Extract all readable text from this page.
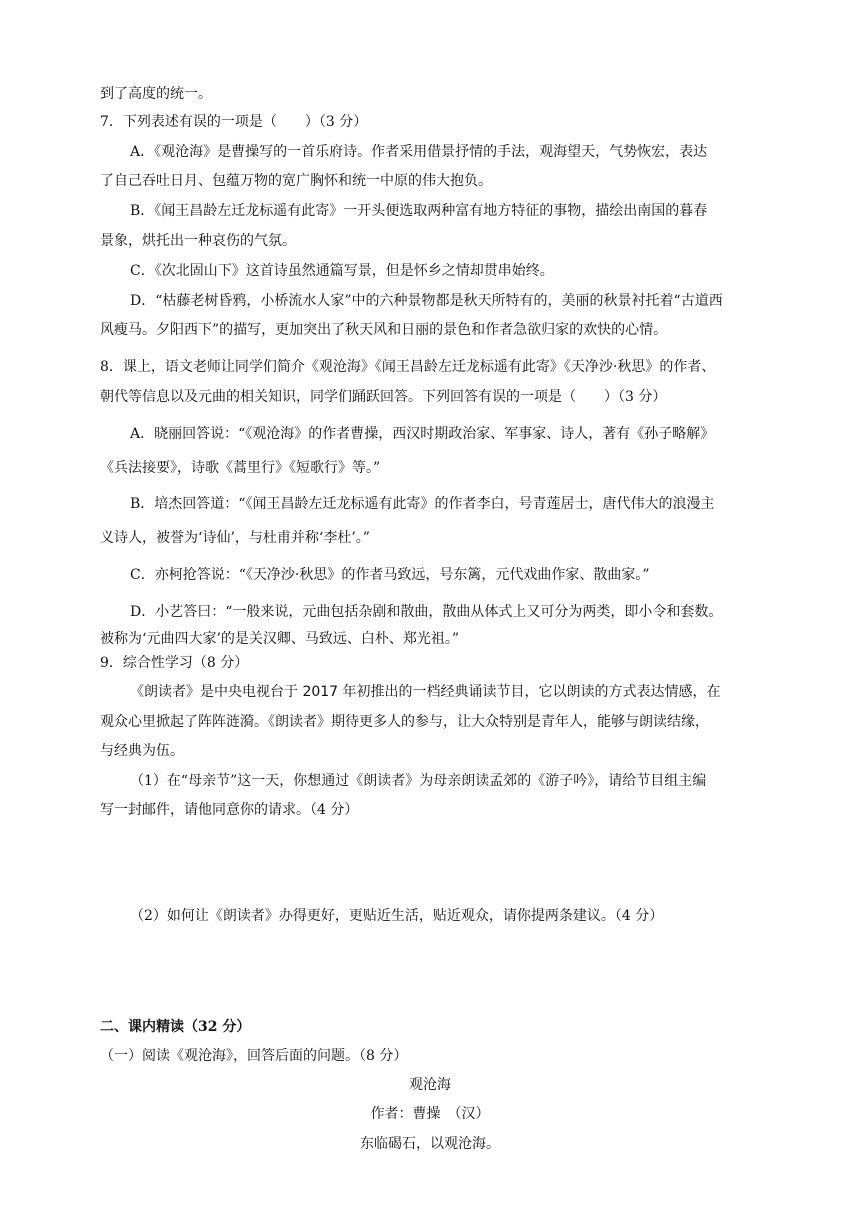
到了高度的统一。
7．下列表述有误的一项是（　　）（3 分）
A．《观沧海》是曹操写的一首乐府诗。作者采用借景抒情的手法，观海望天，气势恢宏，表达
了自己吞吐日月、包蕴万物的宽广胸怀和统一中原的伟大抱负。
B．《闻王昌龄左迁龙标遥有此寄》一开头便选取两种富有地方特征的事物，描绘出南国的暮春
景象，烘托出一种哀伤的气氛。
C．《次北固山下》这首诗虽然通篇写景，但是怀乡之情却贯串始终。
D．“枯藤老树昏鸦，小桥流水人家”中的六种景物都是秋天所特有的，美丽的秋景衬托着“古道西
风瘦马。夕阳西下”的描写，更加突出了秋天风和日丽的景色和作者急欲归家的欢快的心情。
8．课上，语文老师让同学们简介《观沧海》《闻王昌龄左迁龙标遥有此寄》《天净沙·秋思》的作者、
朝代等信息以及元曲的相关知识，同学们踊跃回答。下列回答有误的一项是（　　）（3 分）
A．晓丽回答说：“《观沧海》的作者曹操，西汉时期政治家、军事家、诗人，著有《孙子略解》
《兵法接要》，诗歌《蒿里行》《短歌行》等。”
B．培杰回答道：“《闻王昌龄左迁龙标遥有此寄》的作者李白，号青莲居士，唐代伟大的浪漫主
义诗人，被誉为‘诗仙’，与杜甫并称‘李杜’。”
C．亦柯抢答说：“《天净沙·秋思》的作者马致远，号东篱，元代戏曲作家、散曲家。”
D．小艺答曰：“一般来说，元曲包括杂剧和散曲，散曲从体式上又可分为两类，即小令和套数。
被称为‘元曲四大家’的是关汉卿、马致远、白朴、郑光祖。”
9．综合性学习（8 分）
《朗读者》是中央电视台于 2017 年初推出的一档经典诵读节目，它以朗读的方式表达情感，在
观众心里掀起了阵阵涟漪。《朗读者》期待更多人的参与，让大众特别是青年人，能够与朗读结缘，
与经典为伍。
（1）在“母亲节”这一天，你想通过《朗读者》为母亲朗读孟郊的《游子吟》，请给节目组主编
写一封邮件，请他同意你的请求。（4 分）
（2）如何让《朗读者》办得更好，更贴近生活，贴近观众，请你提两条建议。（4 分）
二、课内精读（32 分）
（一）阅读《观沧海》，回答后面的问题。（8 分）
观沧海
作者：曹操　（汉）
东临碣石，以观沧海。
